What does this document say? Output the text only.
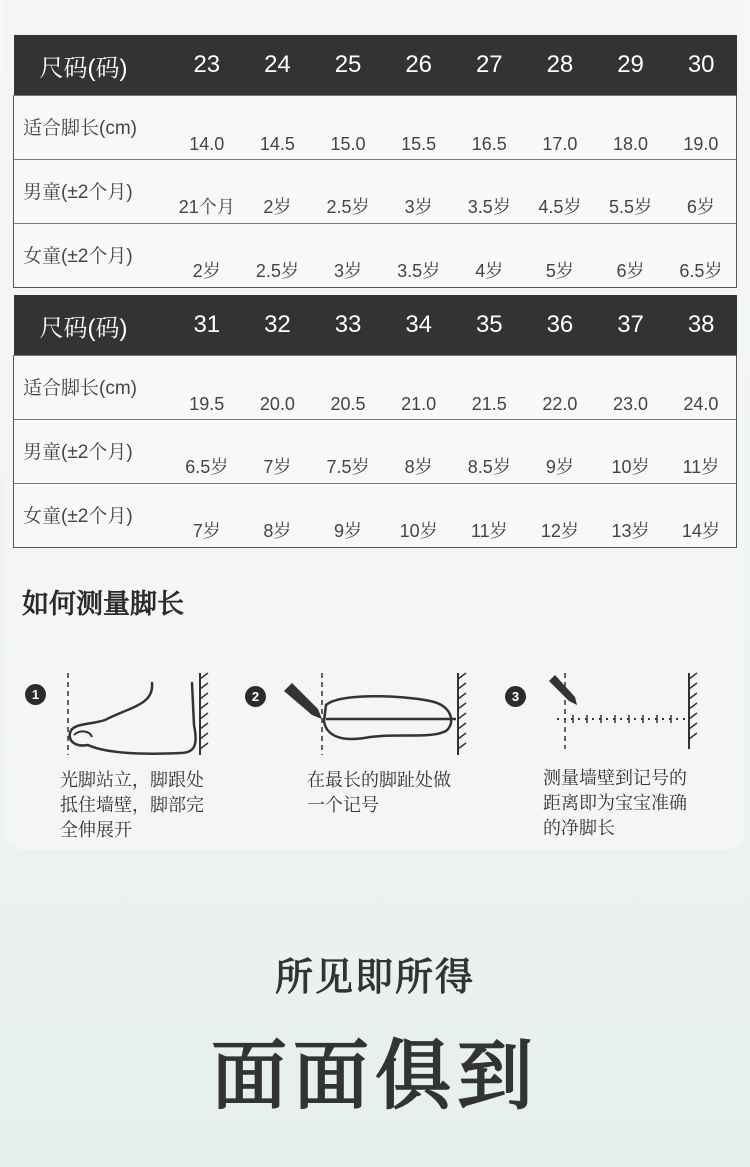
尺码(码)	23	24	25	26	27	28	29	30
适合脚长(cm)	14.0	14.5	15.0	15.5	16.5	17.0	18.0	19.0
男童(±2个月)	21个月	2岁	2.5岁	3岁	3.5岁	4.5岁	5.5岁	6岁
女童(±2个月)	2岁	2.5岁	3岁	3.5岁	4岁	5岁	6岁	6.5岁
尺码(码)	31	32	33	34	35	36	37	38
适合脚长(cm)	19.5	20.0	20.5	21.0	21.5	22.0	23.0	24.0
男童(±2个月)	6.5岁	7岁	7.5岁	8岁	8.5岁	9岁	10岁	11岁
女童(±2个月)	7岁	8岁	9岁	10岁	11岁	12岁	13岁	14岁
如何测量脚长
1
光脚站立，脚跟处
抵住墙壁，脚部完
全伸展开
2
在最长的脚趾处做
一个记号
3
测量墙壁到记号的
距离即为宝宝准确
的净脚长
所见即所得
面面俱到
